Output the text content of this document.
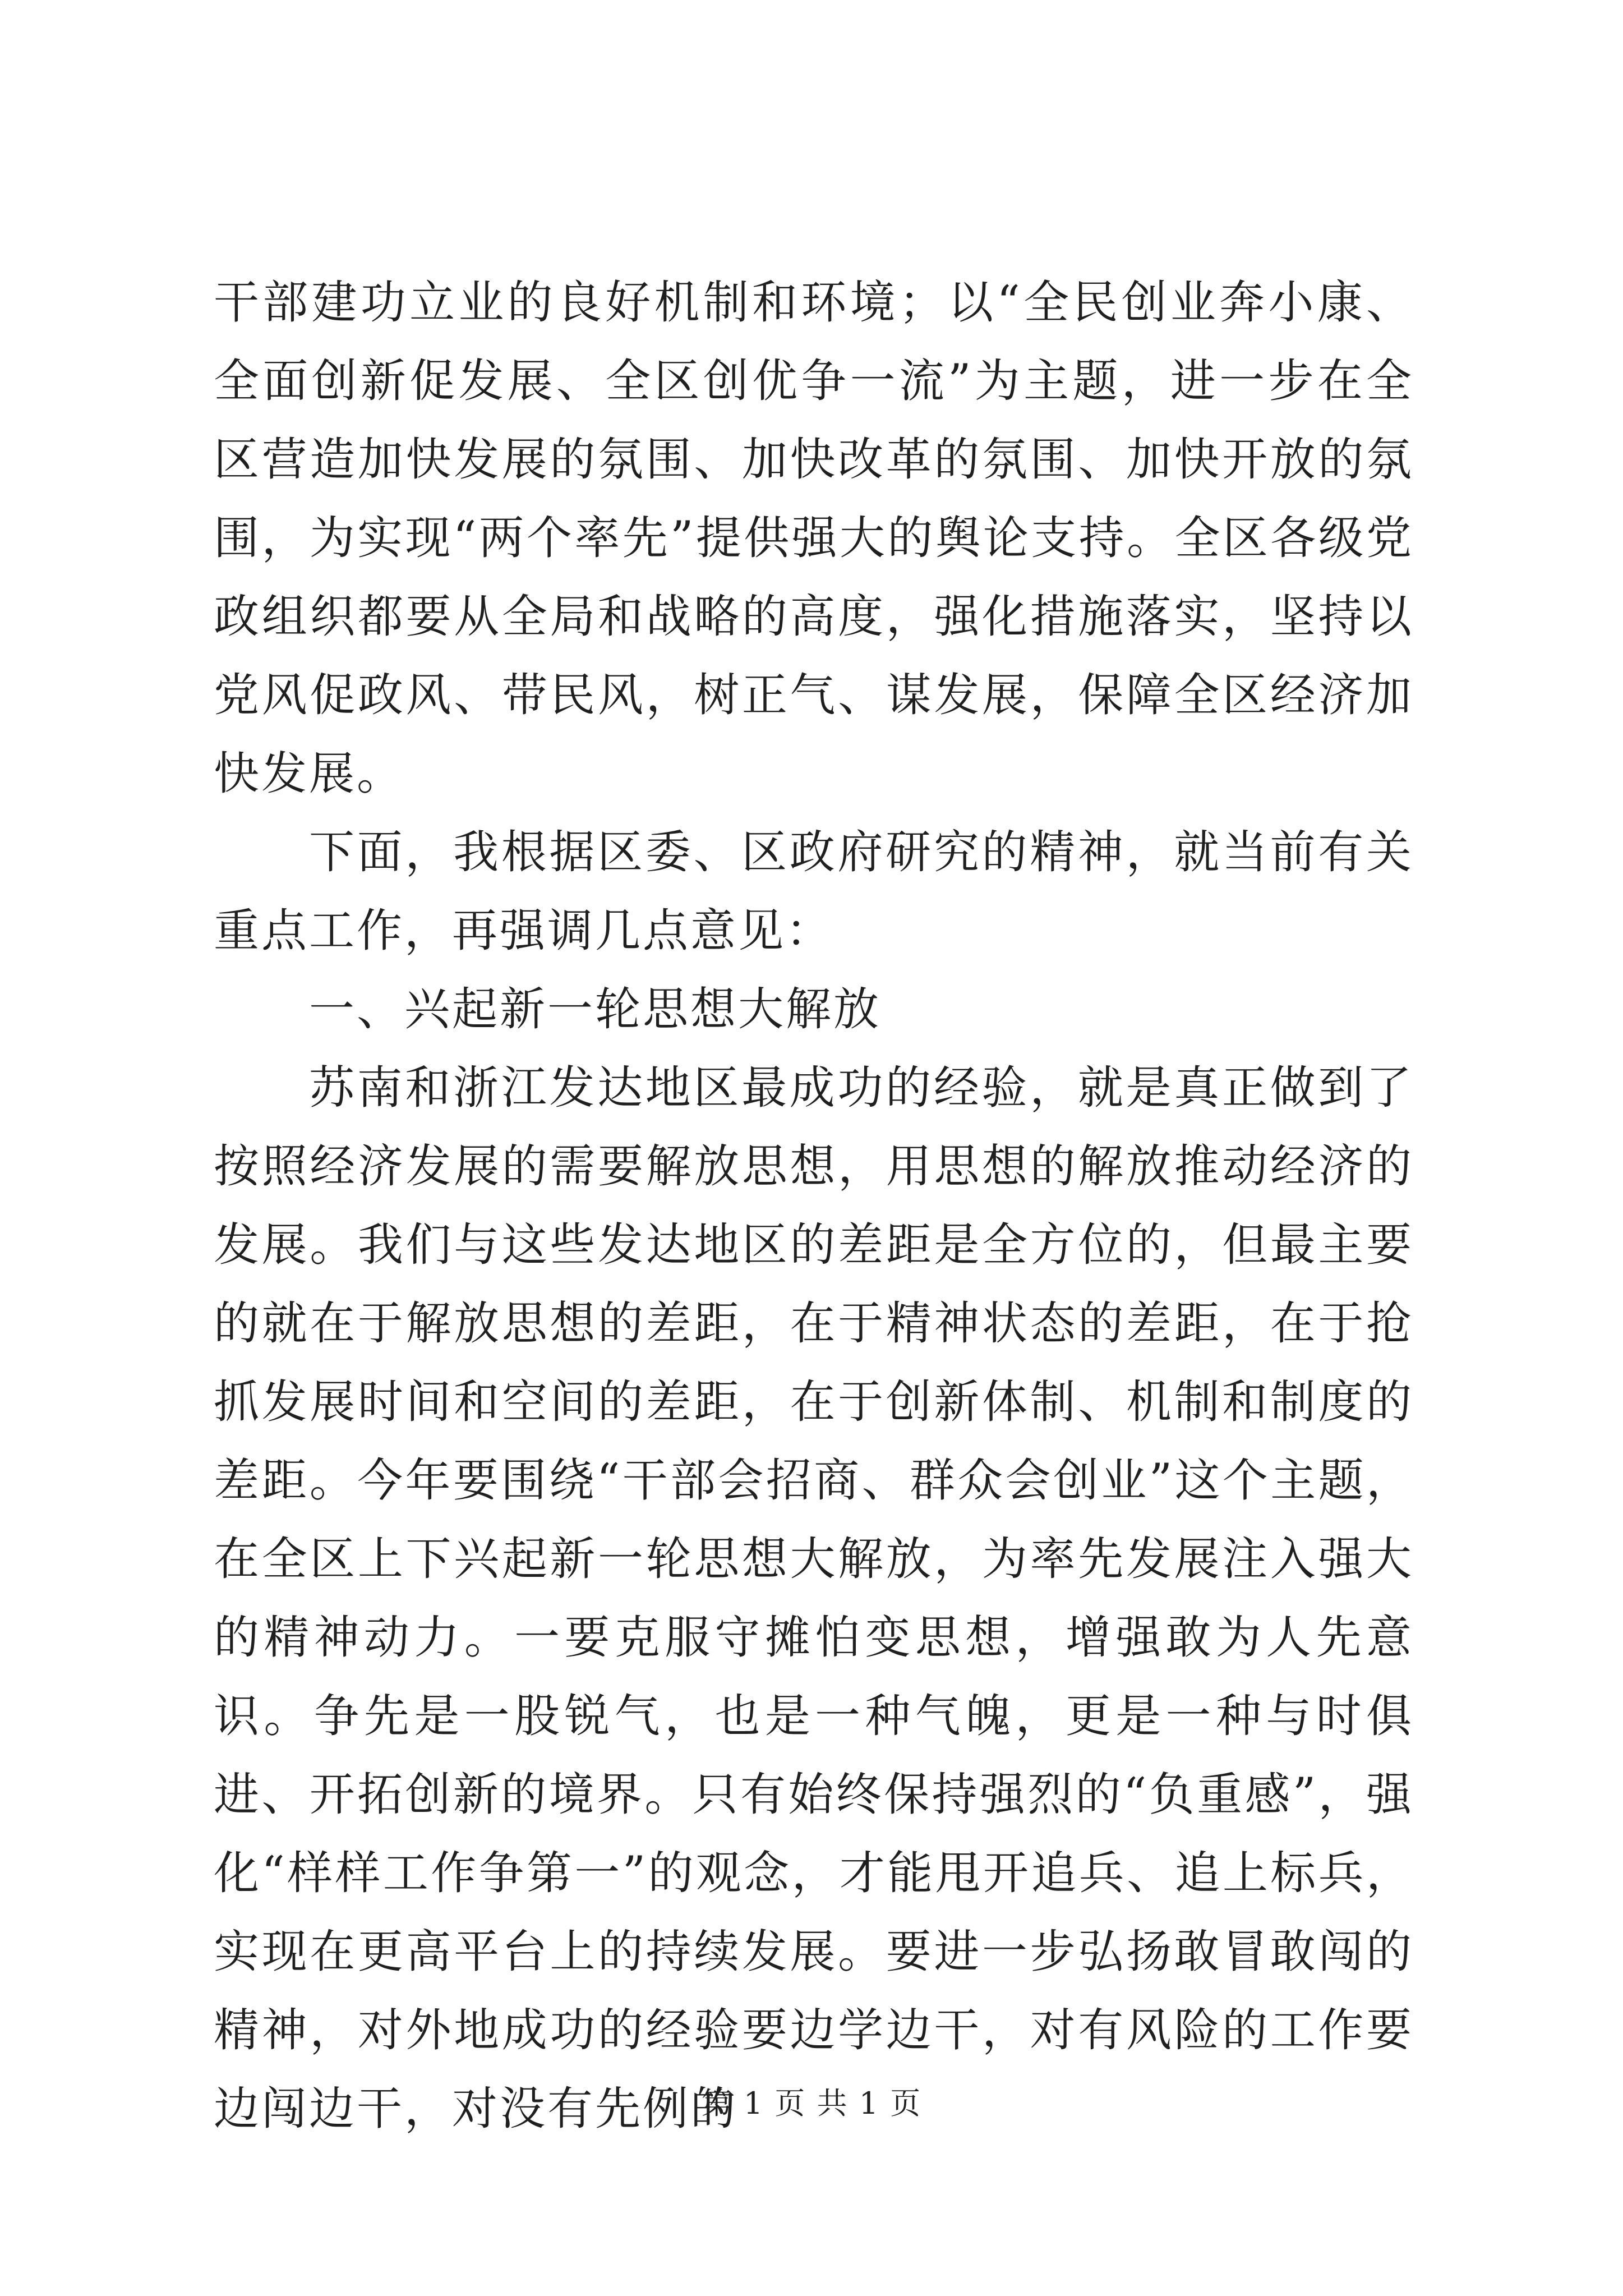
干部建功立业的良好机制和环境；以“全民创业奔小康、全面创新促发展、全区创优争一流”为主题，进一步在全区营造加快发展的氛围、加快改革的氛围、加快开放的氛围，为实现“两个率先”提供强大的舆论支持。全区各级党政组织都要从全局和战略的高度，强化措施落实，坚持以党风促政风、带民风，树正气、谋发展，保障全区经济加快发展。

下面，我根据区委、区政府研究的精神，就当前有关重点工作，再强调几点意见：

一、兴起新一轮思想大解放

苏南和浙江发达地区最成功的经验，就是真正做到了按照经济发展的需要解放思想，用思想的解放推动经济的发展。我们与这些发达地区的差距是全方位的，但最主要的就在于解放思想的差距，在于精神状态的差距，在于抢抓发展时间和空间的差距，在于创新体制、机制和制度的差距。今年要围绕“干部会招商、群众会创业”这个主题，在全区上下兴起新一轮思想大解放，为率先发展注入强大的精神动力。一要克服守摊怕变思想，增强敢为人先意识。争先是一股锐气，也是一种气魄，更是一种与时俱进、开拓创新的境界。只有始终保持强烈的“负重感”，强化“样样工作争第一”的观念，才能甩开追兵、追上标兵，实现在更高平台上的持续发展。要进一步弘扬敢冒敢闯的精神，对外地成功的经验要边学边干，对有风险的工作要边闯边干，对没有先例的

第 1 页 共 1 页
